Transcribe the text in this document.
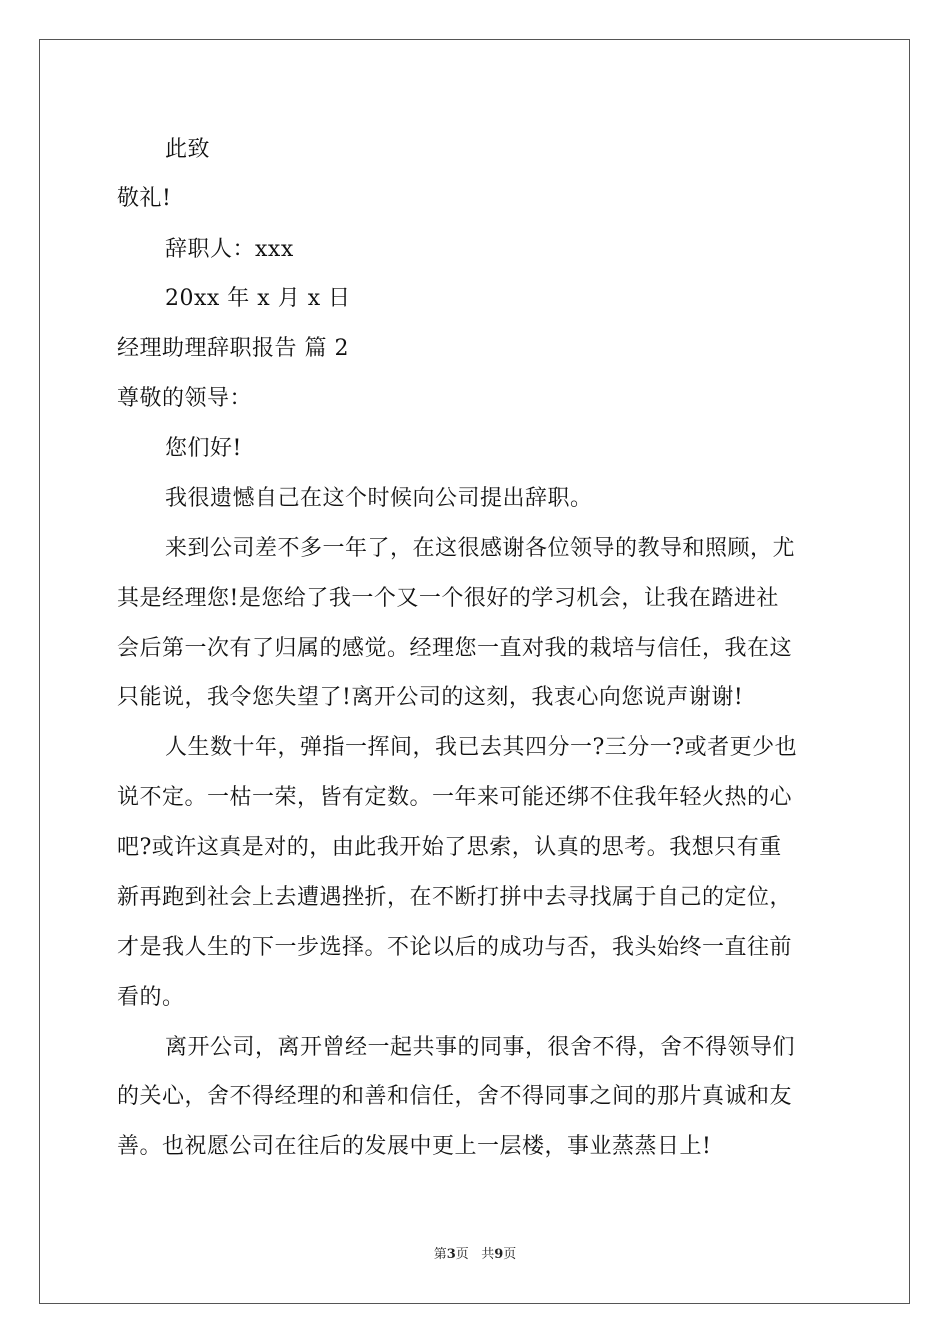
此致
敬礼!
辞职人：xxx
20xx 年 x 月 x 日
经理助理辞职报告 篇 2
尊敬的领导：
您们好!
我很遗憾自己在这个时候向公司提出辞职。
来到公司差不多一年了，在这很感谢各位领导的教导和照顾，尤
其是经理您!是您给了我一个又一个很好的学习机会，让我在踏进社
会后第一次有了归属的感觉。经理您一直对我的栽培与信任，我在这
只能说，我令您失望了!离开公司的这刻，我衷心向您说声谢谢!
人生数十年，弹指一挥间，我已去其四分一?三分一?或者更少也
说不定。一枯一荣，皆有定数。一年来可能还绑不住我年轻火热的心
吧?或许这真是对的，由此我开始了思索，认真的思考。我想只有重
新再跑到社会上去遭遇挫折，在不断打拼中去寻找属于自己的定位，
才是我人生的下一步选择。不论以后的成功与否，我头始终一直往前
看的。
离开公司，离开曾经一起共事的同事，很舍不得，舍不得领导们
的关心，舍不得经理的和善和信任，舍不得同事之间的那片真诚和友
善。也祝愿公司在往后的发展中更上一层楼，事业蒸蒸日上!
第3页 共9页
